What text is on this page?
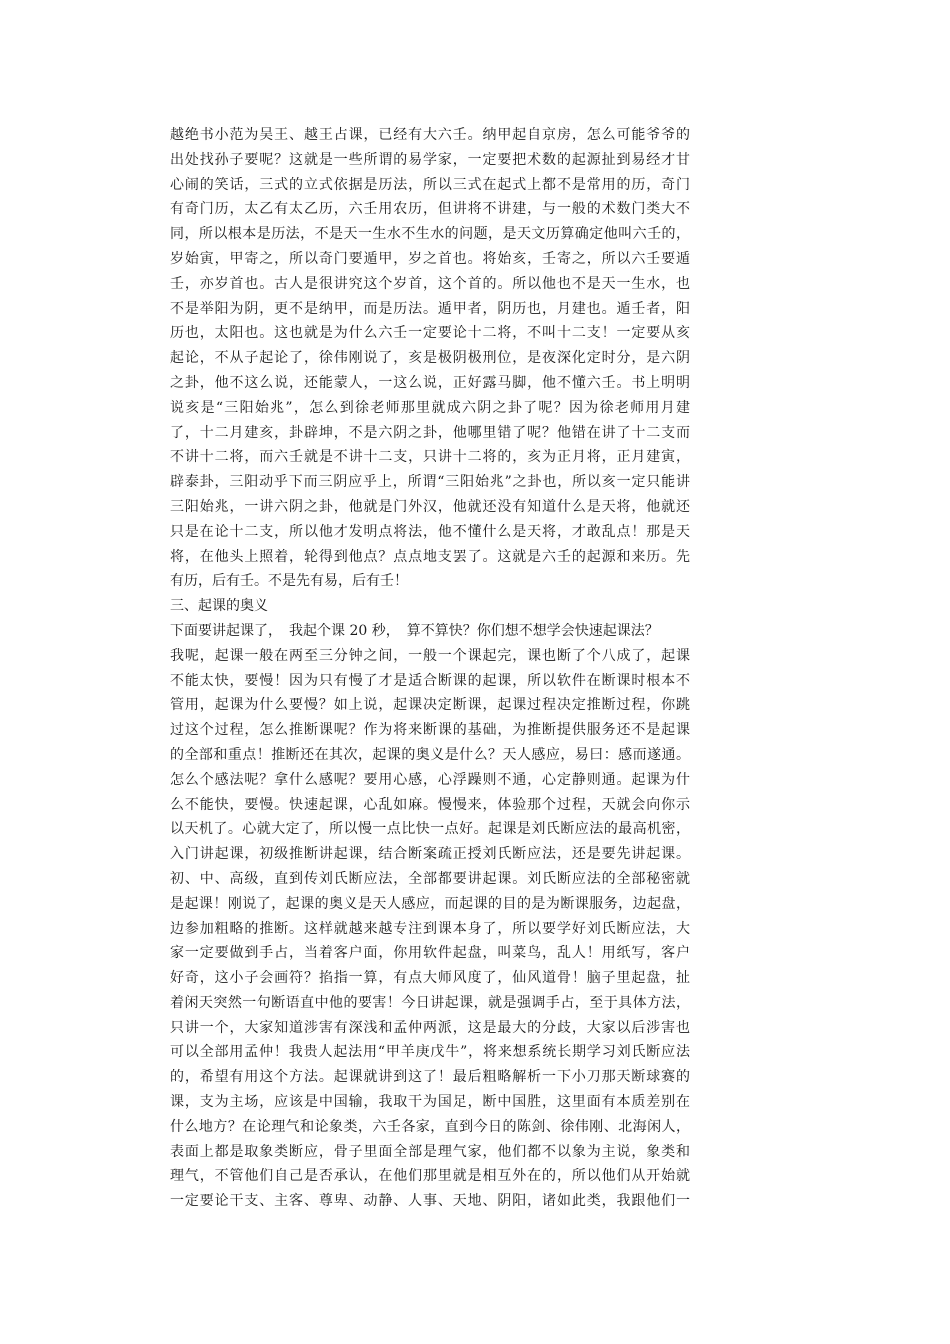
越绝书小范为吴王、越王占课，已经有大六壬。纳甲起自京房，怎么可能爷爷的
出处找孙子要呢？这就是一些所谓的易学家，一定要把术数的起源扯到易经才甘
心闹的笑话，三式的立式依据是历法，所以三式在起式上都不是常用的历，奇门
有奇门历，太乙有太乙历，六壬用农历，但讲将不讲建，与一般的术数门类大不
同，所以根本是历法，不是天一生水不生水的问题，是天文历算确定他叫六壬的，
岁始寅，甲寄之，所以奇门要遁甲，岁之首也。将始亥，壬寄之，所以六壬要遁
壬，亦岁首也。古人是很讲究这个岁首，这个首的。所以他也不是天一生水，也
不是举阳为阴，更不是纳甲，而是历法。遁甲者，阴历也，月建也。遁壬者，阳
历也，太阳也。这也就是为什么六壬一定要论十二将，不叫十二支！一定要从亥
起论，不从子起论了，徐伟刚说了，亥是极阴极刑位，是夜深化定时分，是六阴
之卦，他不这么说，还能蒙人，一这么说，正好露马脚，他不懂六壬。书上明明
说亥是“三阳始兆”，怎么到徐老师那里就成六阴之卦了呢？因为徐老师用月建
了，十二月建亥，卦辟坤，不是六阴之卦，他哪里错了呢？他错在讲了十二支而
不讲十二将，而六壬就是不讲十二支，只讲十二将的，亥为正月将，正月建寅，
辟泰卦，三阳动乎下而三阴应乎上，所谓“三阳始兆”之卦也，所以亥一定只能讲
三阳始兆，一讲六阴之卦，他就是门外汉，他就还没有知道什么是天将，他就还
只是在论十二支，所以他才发明点将法，他不懂什么是天将，才敢乱点！那是天
将，在他头上照着，轮得到他点？点点地支罢了。这就是六壬的起源和来历。先
有历，后有壬。不是先有易，后有壬！
三、起课的奥义
下面要讲起课了，　我起个课 20 秒，　算不算快？你们想不想学会快速起课法？
我呢，起课一般在两至三分钟之间，一般一个课起完，课也断了个八成了，起课
不能太快，要慢！因为只有慢了才是适合断课的起课，所以软件在断课时根本不
管用，起课为什么要慢？如上说，起课决定断课，起课过程决定推断过程，你跳
过这个过程，怎么推断课呢？作为将来断课的基础，为推断提供服务还不是起课
的全部和重点！推断还在其次，起课的奥义是什么？天人感应，易曰：感而遂通。
怎么个感法呢？拿什么感呢？要用心感，心浮躁则不通，心定静则通。起课为什
么不能快，要慢。快速起课，心乱如麻。慢慢来，体验那个过程，天就会向你示
以天机了。心就大定了，所以慢一点比快一点好。起课是刘氏断应法的最高机密，
入门讲起课，初级推断讲起课，结合断案疏正授刘氏断应法，还是要先讲起课。
初、中、高级，直到传刘氏断应法，全部都要讲起课。刘氏断应法的全部秘密就
是起课！刚说了，起课的奥义是天人感应，而起课的目的是为断课服务，边起盘，
边参加粗略的推断。这样就越来越专注到课本身了，所以要学好刘氏断应法，大
家一定要做到手占，当着客户面，你用软件起盘，叫菜鸟，乱人！用纸写，客户
好奇，这小子会画符？掐指一算，有点大师风度了，仙风道骨！脑子里起盘，扯
着闲天突然一句断语直中他的要害！今日讲起课，就是强调手占，至于具体方法，
只讲一个，大家知道涉害有深浅和孟仲两派，这是最大的分歧，大家以后涉害也
可以全部用孟仲！我贵人起法用“甲羊庚戊牛”，将来想系统长期学习刘氏断应法
的，希望有用这个方法。起课就讲到这了！最后粗略解析一下小刀那天断球赛的
课，支为主场，应该是中国输，我取干为国足，断中国胜，这里面有本质差别在
什么地方？在论理气和论象类，六壬各家，直到今日的陈剑、徐伟刚、北海闲人，
表面上都是取象类断应，骨子里面全部是理气家，他们都不以象为主说，象类和
理气，不管他们自己是否承认，在他们那里就是相互外在的，所以他们从开始就
一定要论干支、主客、尊卑、动静、人事、天地、阴阳，诸如此类，我跟他们一
